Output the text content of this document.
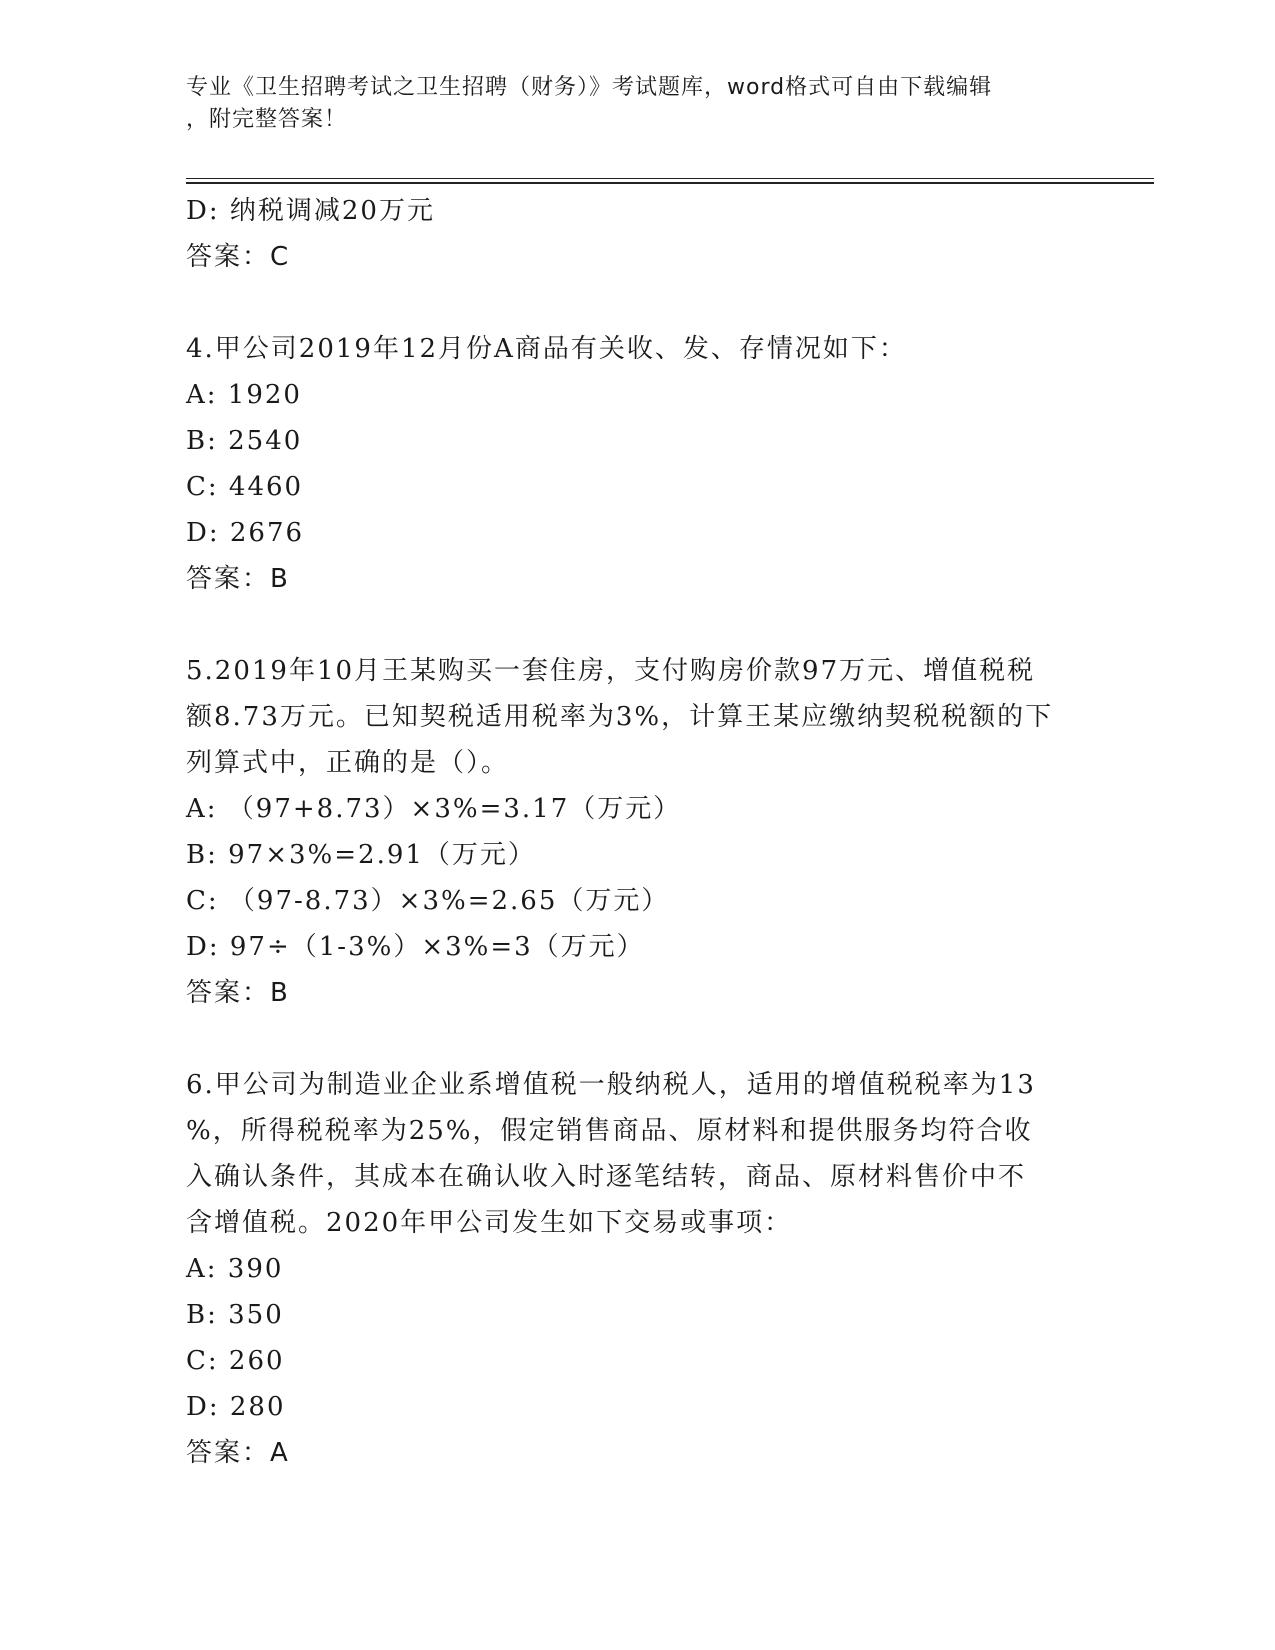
专业《卫生招聘考试之卫生招聘（财务）》考试题库，word格式可自由下载编辑
，附完整答案！
D: 纳税调减20万元
答案：C
4.甲公司2019年12月份A商品有关收、发、存情况如下：
A: 1920
B: 2540
C: 4460
D: 2676
答案：B
5.2019年10月王某购买一套住房，支付购房价款97万元、增值税税
额8.73万元。已知契税适用税率为3%，计算王某应缴纳契税税额的下
列算式中，正确的是（）。
A: （97+8.73）×3%=3.17（万元）
B: 97×3%=2.91（万元）
C: （97-8.73）×3%=2.65（万元）
D: 97÷（1-3%）×3%=3（万元）
答案：B
6.甲公司为制造业企业系增值税一般纳税人，适用的增值税税率为13
%，所得税税率为25%，假定销售商品、原材料和提供服务均符合收
入确认条件，其成本在确认收入时逐笔结转，商品、原材料售价中不
含增值税。2020年甲公司发生如下交易或事项：
A: 390
B: 350
C: 260
D: 280
答案：A
